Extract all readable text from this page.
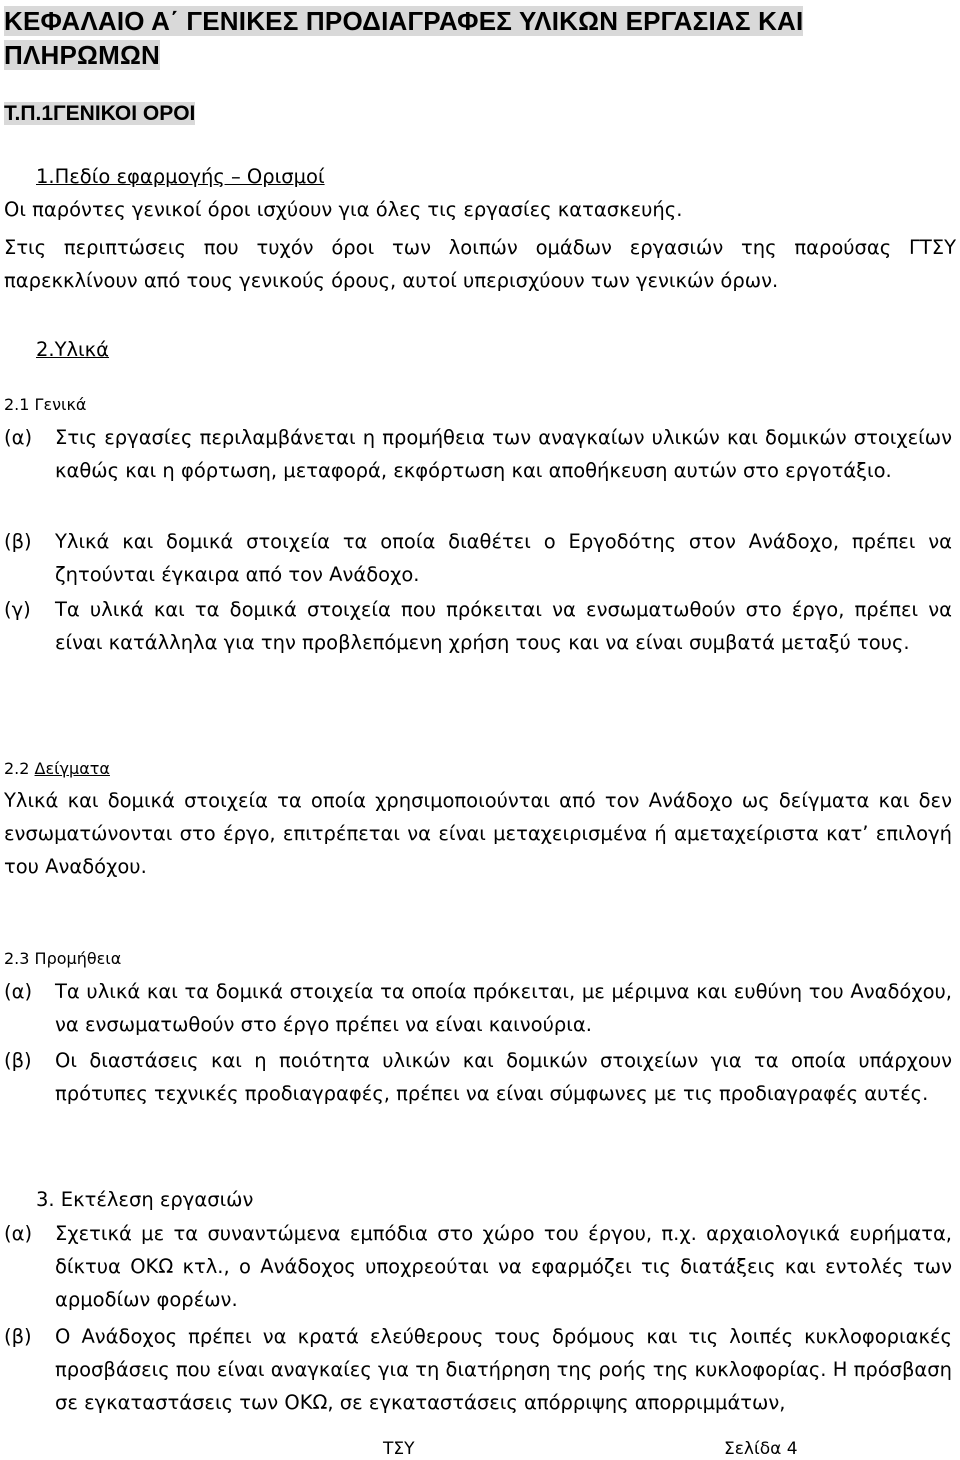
ΚΕΦΑΛΑΙΟ Α΄ ΓΕΝΙΚΕΣ ΠΡΟΔΙΑΓΡΑΦΕΣ ΥΛΙΚΩΝ ΕΡΓΑΣΙΑΣ ΚΑΙ ΠΛΗΡΩΜΩΝ
Τ.Π.1ΓΕΝΙΚΟΙ ΟΡΟΙ
1.Πεδίο εφαρμογής – Ορισμοί

Οι παρόντες γενικοί όροι ισχύουν για όλες τις εργασίες κατασκευής.

Στις περιπτώσεις που τυχόν όροι των λοιπών ομάδων εργασιών της παρούσας ΓΤΣΥ παρεκκλίνουν από τους γενικούς όρους, αυτοί υπερισχύουν των γενικών όρων.

2.Υλικά
2.1 Γενικά
(α) Στις εργασίες περιλαμβάνεται η προμήθεια των αναγκαίων υλικών και δομικών στοιχείων καθώς και η φόρτωση, μεταφορά, εκφόρτωση και αποθήκευση αυτών στο εργοτάξιο.

(β) Υλικά και δομικά στοιχεία τα οποία διαθέτει ο Εργοδότης στον Ανάδοχο, πρέπει να ζητούνται έγκαιρα από τον Ανάδοχο.

(γ) Τα υλικά και τα δομικά στοιχεία που πρόκειται να ενσωματωθούν στο έργο, πρέπει να είναι κατάλληλα για την προβλεπόμενη χρήση τους και να είναι συμβατά μεταξύ τους.

2.2 Δείγματα

Υλικά και δομικά στοιχεία τα οποία χρησιμοποιούνται από τον Ανάδοχο ως δείγματα και δεν ενσωματώνονται στο έργο, επιτρέπεται να είναι μεταχειρισμένα ή αμεταχείριστα κατ’ επιλογή του Αναδόχου.

2.3 Προμήθεια
(α) Τα υλικά και τα δομικά στοιχεία τα οποία πρόκειται, με μέριμνα και ευθύνη του Αναδόχου, να ενσωματωθούν στο έργο πρέπει να είναι καινούρια.

(β) Οι διαστάσεις και η ποιότητα υλικών και δομικών στοιχείων για τα οποία υπάρχουν πρότυπες τεχνικές προδιαγραφές, πρέπει να είναι σύμφωνες με τις προδιαγραφές αυτές.

3. Εκτέλεση εργασιών
(α) Σχετικά με τα συναντώμενα εμπόδια στο χώρο του έργου, π.χ. αρχαιολογικά ευρήματα, δίκτυα ΟΚΩ κτλ., ο Ανάδοχος υποχρεούται να εφαρμόζει τις διατάξεις και εντολές των αρμοδίων φορέων.

(β) Ο Ανάδοχος πρέπει να κρατά ελεύθερους τους δρόμους και τις λοιπές κυκλοφοριακές προσβάσεις που είναι αναγκαίες για τη διατήρηση της ροής της κυκλοφορίας. Η πρόσβαση σε εγκαταστάσεις των ΟΚΩ, σε εγκαταστάσεις απόρριψης απορριμμάτων,

ΤΣΥ	Σελίδα 4
